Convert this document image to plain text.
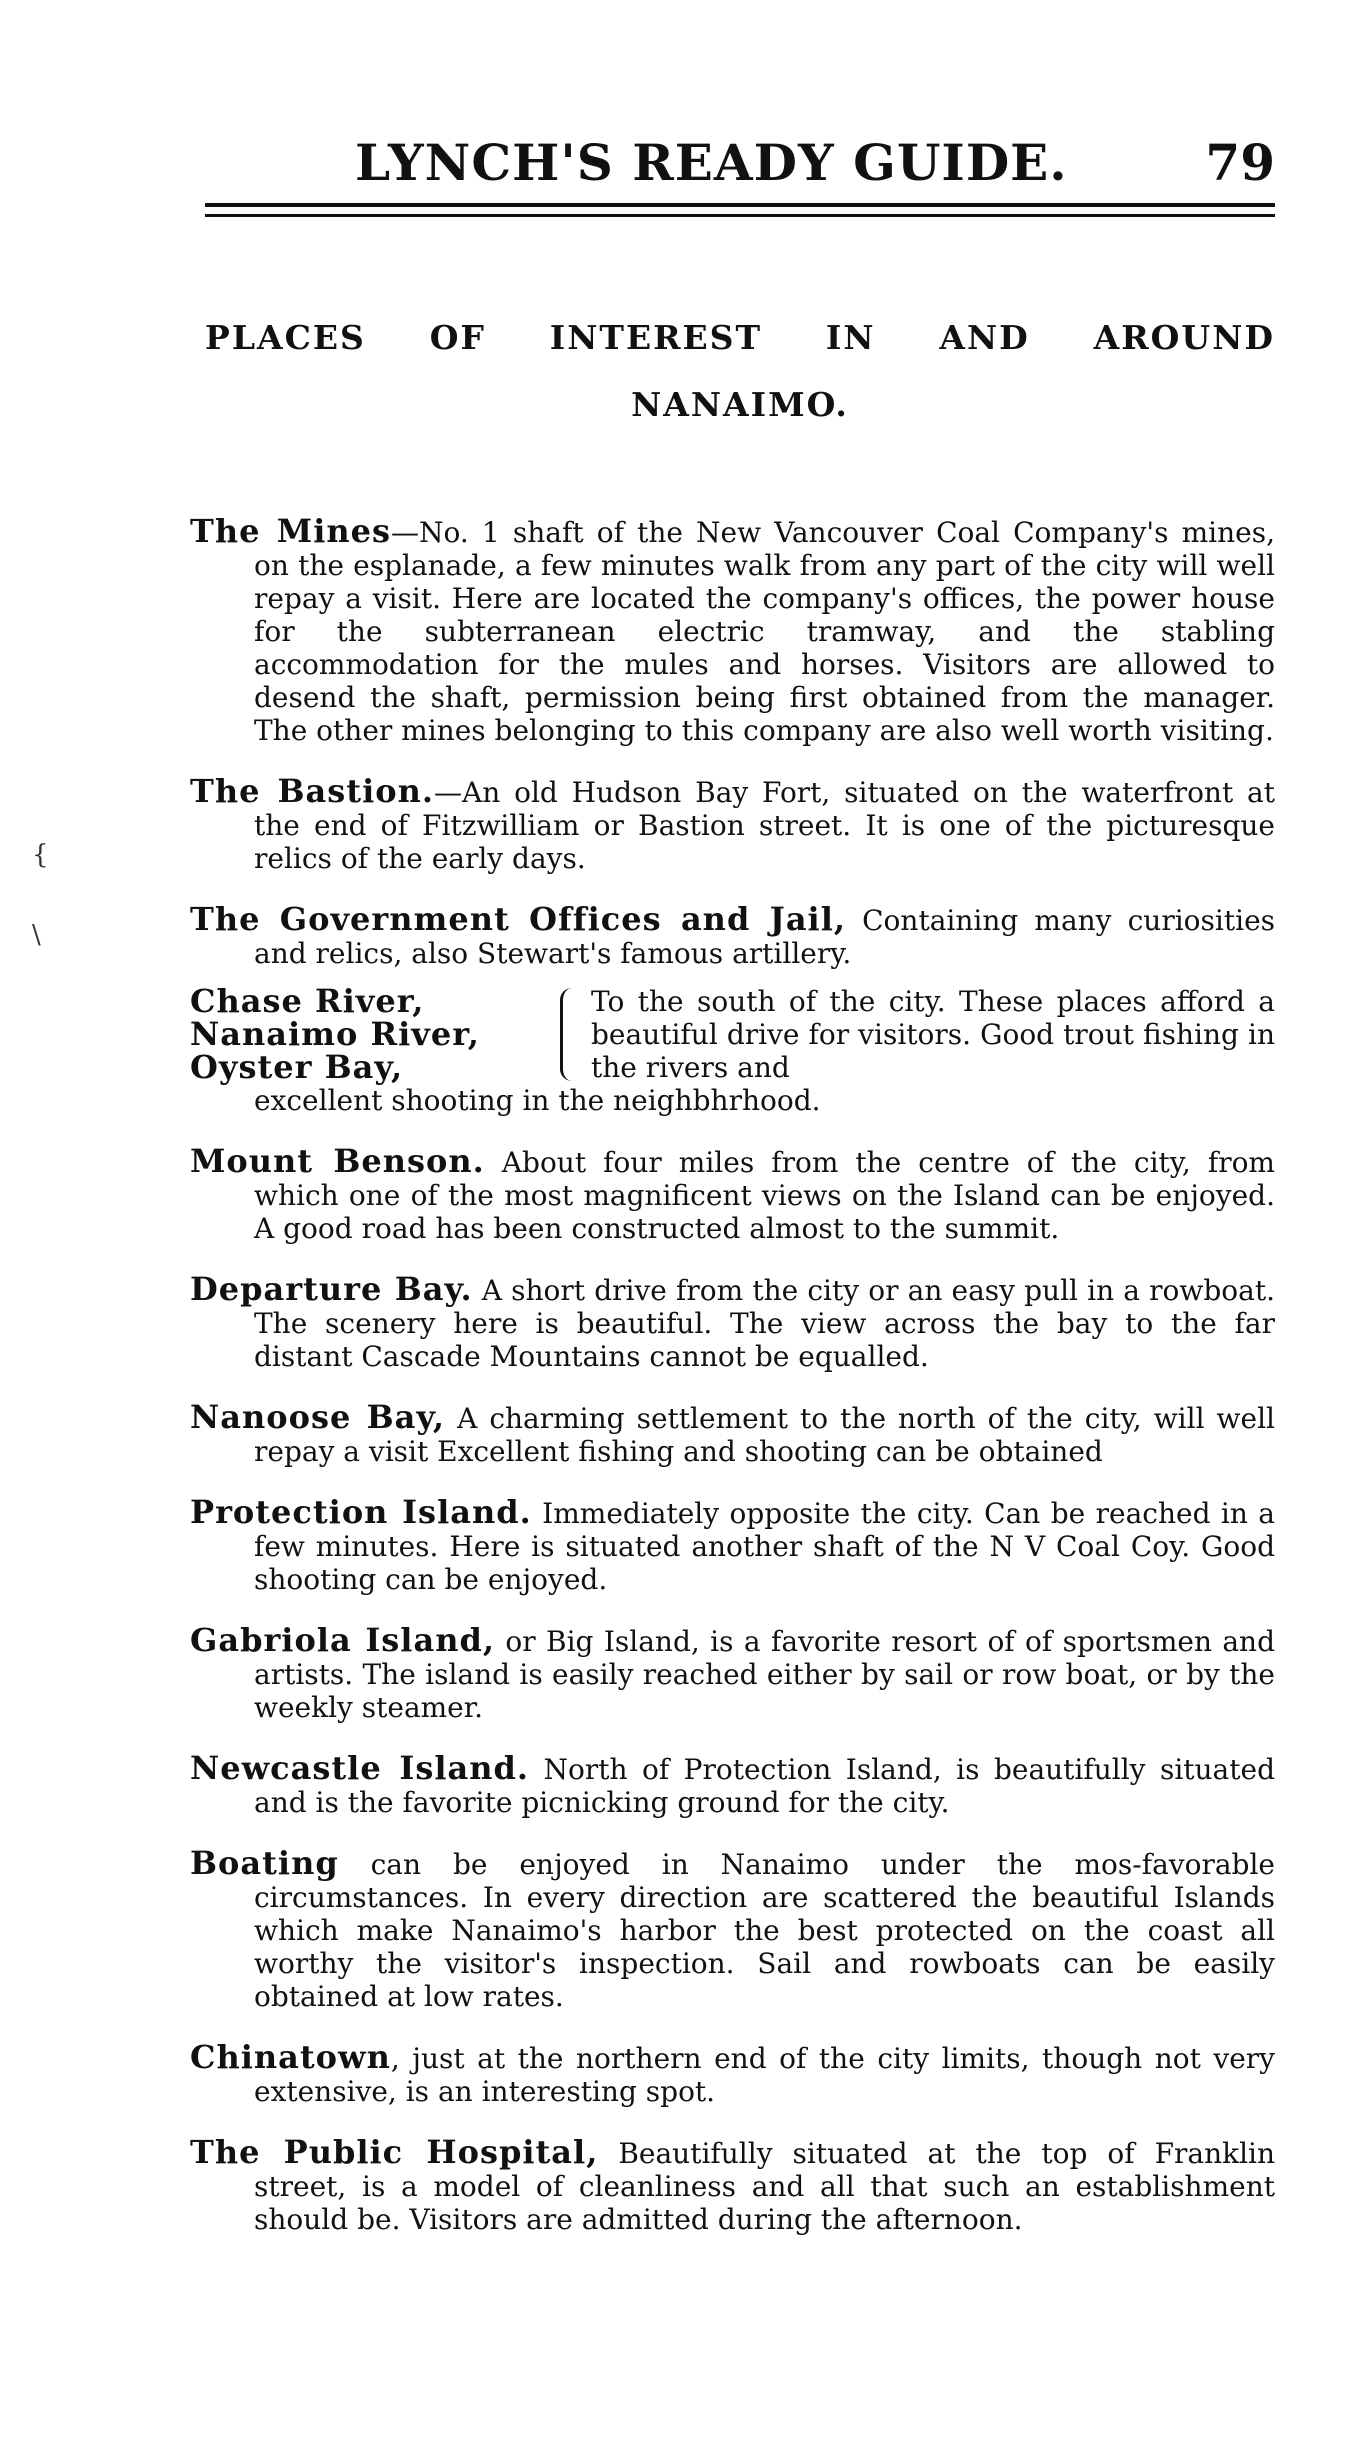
LYNCH'S READY GUIDE.	79
PLACES OF INTEREST IN AND AROUND
NANAIMO.

The Mines—No. 1 shaft of the New Vancouver Coal Company's mines, on the esplanade, a few minutes walk from any part of the city will well repay a visit. Here are located the company's offices, the power house for the subterranean electric tramway, and the stabling accommodation for the mules and horses. Visitors are allowed to desend the shaft, permission being first obtained from the manager. The other mines belonging to this company are also well worth visiting.

The Bastion.—An old Hudson Bay Fort, situated on the waterfront at the end of Fitzwilliam or Bastion street. It is one of the picturesque relics of the early days.

The Government Offices and Jail, Containing many curiosities and relics, also Stewart's famous artillery.

Chase River,
Nanaimo River,
Oyster Bay,
To the south of the city. These places afford a beautiful drive for visitors. Good trout fishing in the rivers and
excellent shooting in the neighbhrhood.

Mount Benson. About four miles from the centre of the city, from which one of the most magnificent views on the Island can be enjoyed. A good road has been constructed almost to the summit.

Departure Bay. A short drive from the city or an easy pull in a rowboat. The scenery here is beautiful. The view across the bay to the far distant Cascade Mountains cannot be equalled.

Nanoose Bay, A charming settlement to the north of the city, will well repay a visit Excellent fishing and shooting can be obtained

Protection Island. Immediately opposite the city. Can be reached in a few minutes. Here is situated another shaft of the N V Coal Coy. Good shooting can be enjoyed.

Gabriola Island, or Big Island, is a favorite resort of of sportsmen and artists. The island is easily reached either by sail or row boat, or by the weekly steamer.

Newcastle Island. North of Protection Island, is beautifully situated and is the favorite picnicking ground for the city.

Boating can be enjoyed in Nanaimo under the mos-favorable circumstances. In every direction are scattered the beautiful Islands which make Nanaimo's harbor the best protected on the coast all worthy the visitor's inspection. Sail and rowboats can be easily obtained at low rates.

Chinatown, just at the northern end of the city limits, though not very extensive, is an interesting spot.

The Public Hospital, Beautifully situated at the top of Franklin street, is a model of cleanliness and all that such an establishment should be. Visitors are admitted during the afternoon.

{
\
